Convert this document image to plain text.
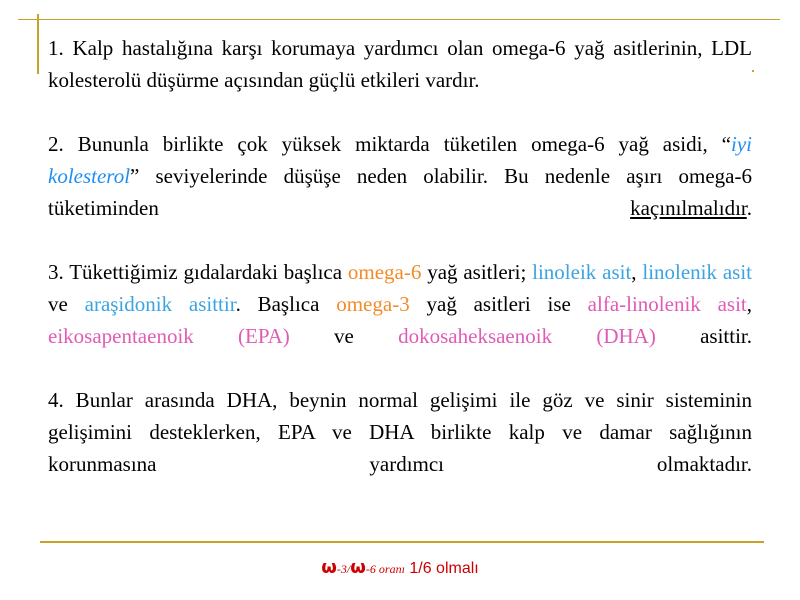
1. Kalp hastalığına karşı korumaya yardımcı olan omega-6 yağ asitlerinin, LDL kolesterolü düşürme açısından güçlü etkileri vardır.

2. Bununla birlikte çok yüksek miktarda tüketilen omega-6 yağ asidi, “iyi kolesterol” seviyelerinde düşüşe neden olabilir. Bu nedenle aşırı omega-6 tüketiminden kaçınılmalıdır.

3. Tükettiğimiz gıdalardaki başlıca omega-6 yağ asitleri; linoleik asit, linolenik asit ve araşidonik asittir. Başlıca omega-3 yağ asitleri ise alfa-linolenik asit, eikosapentaenoik (EPA) ve dokosaheksaenoik (DHA) asittir.

4. Bunlar arasında DHA, beynin normal gelişimi ile göz ve sinir sisteminin gelişimini desteklerken, EPA ve DHA birlikte kalp ve damar sağlığının korunmasına yardımcı olmaktadır.

ω-3/ω-6 oranı 1/6 olmalı
